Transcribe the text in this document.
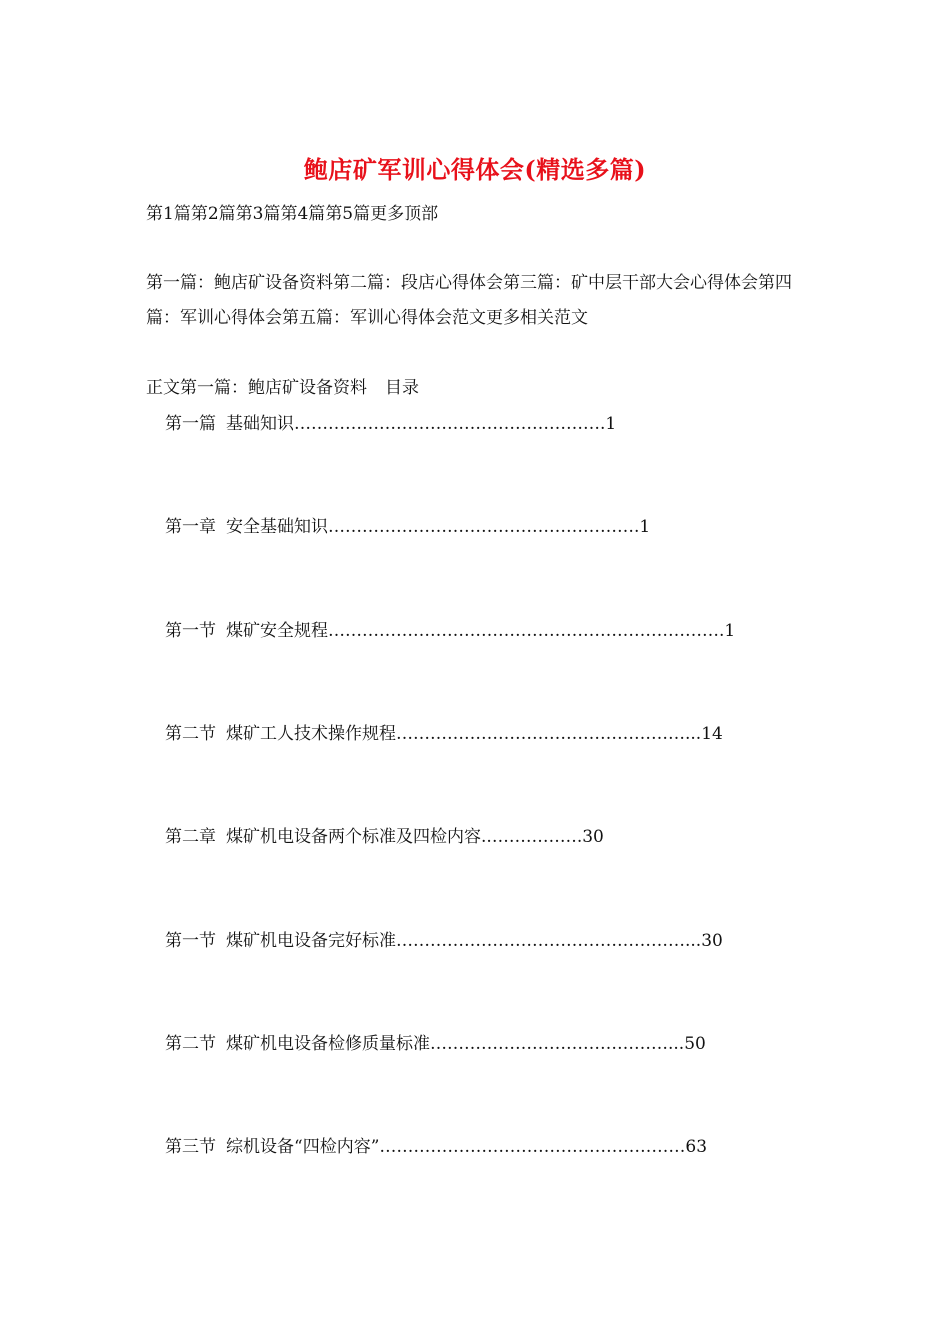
鲍店矿军训心得体会(精选多篇)
第1篇第2篇第3篇第4篇第5篇更多顶部
第一篇：鲍店矿设备资料第二篇：段店心得体会第三篇：矿中层干部大会心得体会第四篇：军训心得体会第五篇：军训心得体会范文更多相关范文
正文第一篇：鲍店矿设备资料 目录
第一篇 基础知识……………………………………………….1
第一章 安全基础知识……………………………………………….1
第一节 煤矿安全规程…………………………………………………………….1
第二节 煤矿工人技术操作规程……………………………………………...14
第二章 煤矿机电设备两个标准及四检内容..…………….30
第一节 煤矿机电设备完好标准……………………………………………...30
第二节 煤矿机电设备检修质量标准……………………………………...50
第三节 综机设备“四检内容”………………………………………………63
